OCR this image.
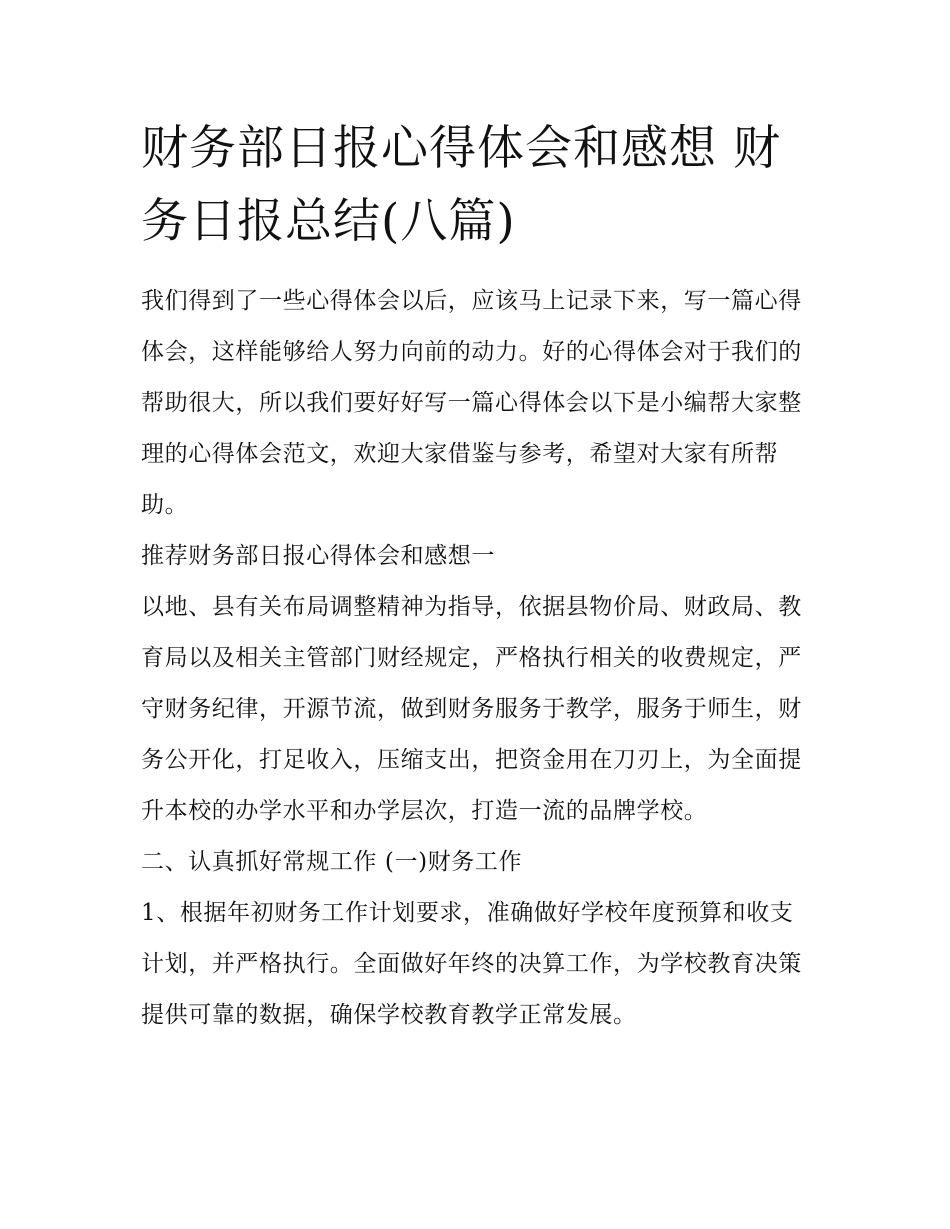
财务部日报心得体会和感想 财务日报总结(八篇)

我们得到了一些心得体会以后，应该马上记录下来，写一篇心得体会，这样能够给人努力向前的动力。好的心得体会对于我们的帮助很大，所以我们要好好写一篇心得体会以下是小编帮大家整理的心得体会范文，欢迎大家借鉴与参考，希望对大家有所帮助。

推荐财务部日报心得体会和感想一

以地、县有关布局调整精神为指导，依据县物价局、财政局、教育局以及相关主管部门财经规定，严格执行相关的收费规定，严守财务纪律，开源节流，做到财务服务于教学，服务于师生，财务公开化，打足收入，压缩支出，把资金用在刀刃上，为全面提升本校的办学水平和办学层次，打造一流的品牌学校。

二、认真抓好常规工作 (一)财务工作

1、根据年初财务工作计划要求，准确做好学校年度预算和收支计划，并严格执行。全面做好年终的决算工作，为学校教育决策提供可靠的数据，确保学校教育教学正常发展。
